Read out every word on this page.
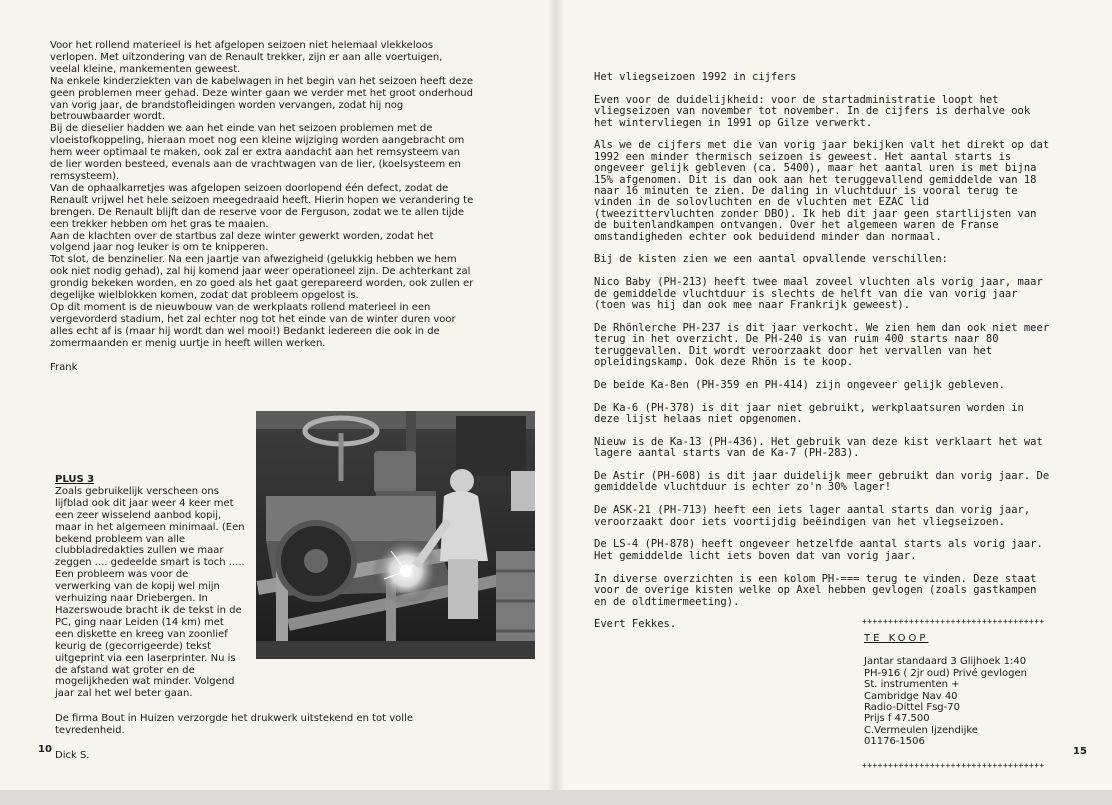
Voor het rollend materieel is het afgelopen seizoen niet helemaal vlekkeloos verlopen. Met uitzondering van de Renault trekker, zijn er aan alle voertuigen, veelal kleine, mankementen geweest.

Na enkele kinderziekten van de kabelwagen in het begin van het seizoen heeft deze geen problemen meer gehad. Deze winter gaan we verder met het groot onderhoud van vorig jaar, de brandstofleidingen worden vervangen, zodat hij nog betrouwbaarder wordt.

Bij de dieselier hadden we aan het einde van het seizoen problemen met de vloeistofkoppeling, hieraan moet nog een kleine wijziging worden aangebracht om hem weer optimaal te maken, ook zal er extra aandacht aan het remsysteem van de lier worden besteed, evenals aan de vrachtwagen van de lier, (koelsysteem en remsysteem).

Van de ophaalkarretjes was afgelopen seizoen doorlopend één defect, zodat de Renault vrijwel het hele seizoen meegedraaid heeft. Hierin hopen we verandering te brengen. De Renault blijft dan de reserve voor de Ferguson, zodat we te allen tijde een trekker hebben om het gras te maaien.

Aan de klachten over de startbus zal deze winter gewerkt worden, zodat het volgend jaar nog leuker is om te knipperen.

Tot slot, de benzinelier. Na een jaartje van afwezigheid (gelukkig hebben we hem ook niet nodig gehad), zal hij komend jaar weer operationeel zijn. De achterkant zal grondig bekeken worden, en zo goed als het gaat gerepareerd worden, ook zullen er degelijke wielblokken komen, zodat dat probleem opgelost is.

Op dit moment is de nieuwbouw van de werkplaats rollend materieel in een vergevorderd stadium, het zal echter nog tot het einde van de winter duren voor alles echt af is (maar hij wordt dan wel mooi!) Bedankt iedereen die ook in de zomermaanden er menig uurtje in heeft willen werken.

Frank

PLUS 3

Zoals gebruikelijk verscheen ons lijfblad ook dit jaar weer 4 keer met een zeer wisselend aanbod kopij, maar in het algemeen minimaal. (Een bekend probleem van alle clubbladredakties zullen we maar zeggen .... gedeelde smart is toch ..... Een probleem was voor de verwerking van de kopij wel mijn verhuizing naar Driebergen. In Hazerswoude bracht ik de tekst in de PC, ging naar Leiden (14 km) met een diskette en kreeg van zoonlief keurig de (gecorrigeerde) tekst uitgeprint via een laserprinter. Nu is de afstand wat groter en de mogelijkheden wat minder. Volgend jaar zal het wel beter gaan.

De firma Bout in Huizen verzorgde het drukwerk uitstekend en tot volle tevredenheid.

Dick S.
10

Het vliegseizoen 1992 in cijfers

Even voor de duidelijkheid: voor de startadministratie loopt het vliegseizoen van november tot november. In de cijfers is derhalve ook het wintervliegen in 1991 op Gilze verwerkt.

Als we de cijfers met die van vorig jaar bekijken valt het direkt op dat 1992 een minder thermisch seizoen is geweest. Het aantal starts is ongeveer gelijk gebleven (ca. 5400), maar het aantal uren is met bijna 15% afgenomen. Dit is dan ook aan het teruggevallend gemiddelde van 18 naar 16 minuten te zien. De daling in vluchtduur is vooral terug te vinden in de solovluchten en de vluchten met EZAC lid (tweezittervluchten zonder DBO). Ik heb dit jaar geen startlijsten van de buitenlandkampen ontvangen. Over het algemeen waren de Franse omstandigheden echter ook beduidend minder dan normaal.

Bij de kisten zien we een aantal opvallende verschillen:

Nico Baby (PH-213) heeft twee maal zoveel vluchten als vorig jaar, maar de gemiddelde vluchtduur is slechts de helft van die van vorig jaar (toen was hij dan ook mee naar Frankrijk geweest).

De Rhönlerche PH-237 is dit jaar verkocht. We zien hem dan ook niet meer terug in het overzicht. De PH-240 is van ruim 400 starts naar 80 teruggevallen. Dit wordt veroorzaakt door het vervallen van het opleidingskamp. Ook deze Rhön is te koop.

De beide Ka-8en (PH-359 en PH-414) zijn ongeveer gelijk gebleven.

De Ka-6 (PH-378) is dit jaar niet gebruikt, werkplaatsuren worden in deze lijst helaas niet opgenomen.

Nieuw is de Ka-13 (PH-436). Het gebruik van deze kist verklaart het wat lagere aantal starts van de Ka-7 (PH-283).

De Astir (PH-608) is dit jaar duidelijk meer gebruikt dan vorig jaar. De gemiddelde vluchtduur is echter zo'n 30% lager!

De ASK-21 (PH-713) heeft een iets lager aantal starts dan vorig jaar, veroorzaakt door iets voortijdig beëindigen van het vliegseizoen.

De LS-4 (PH-878) heeft ongeveer hetzelfde aantal starts als vorig jaar. Het gemiddelde licht iets boven dat van vorig jaar.

In diverse overzichten is een kolom PH-=== terug te vinden. Deze staat voor de overige kisten welke op Axel hebben gevlogen (zoals gastkampen en de oldtimermeeting).

Evert Fekkes.	+++++++++++++++++++++++++++++++++++

TE KOOP

Jantar standaard 3 Glijhoek 1:40

PH-916 ( 2jr oud) Privé gevlogen

St. instrumenten +

Cambridge Nav 40

Radio-Dittel Fsg-70

Prijs f 47.500

C.Vermeulen Ijzendijke

01176-1506

+++++++++++++++++++++++++++++++++++
15
